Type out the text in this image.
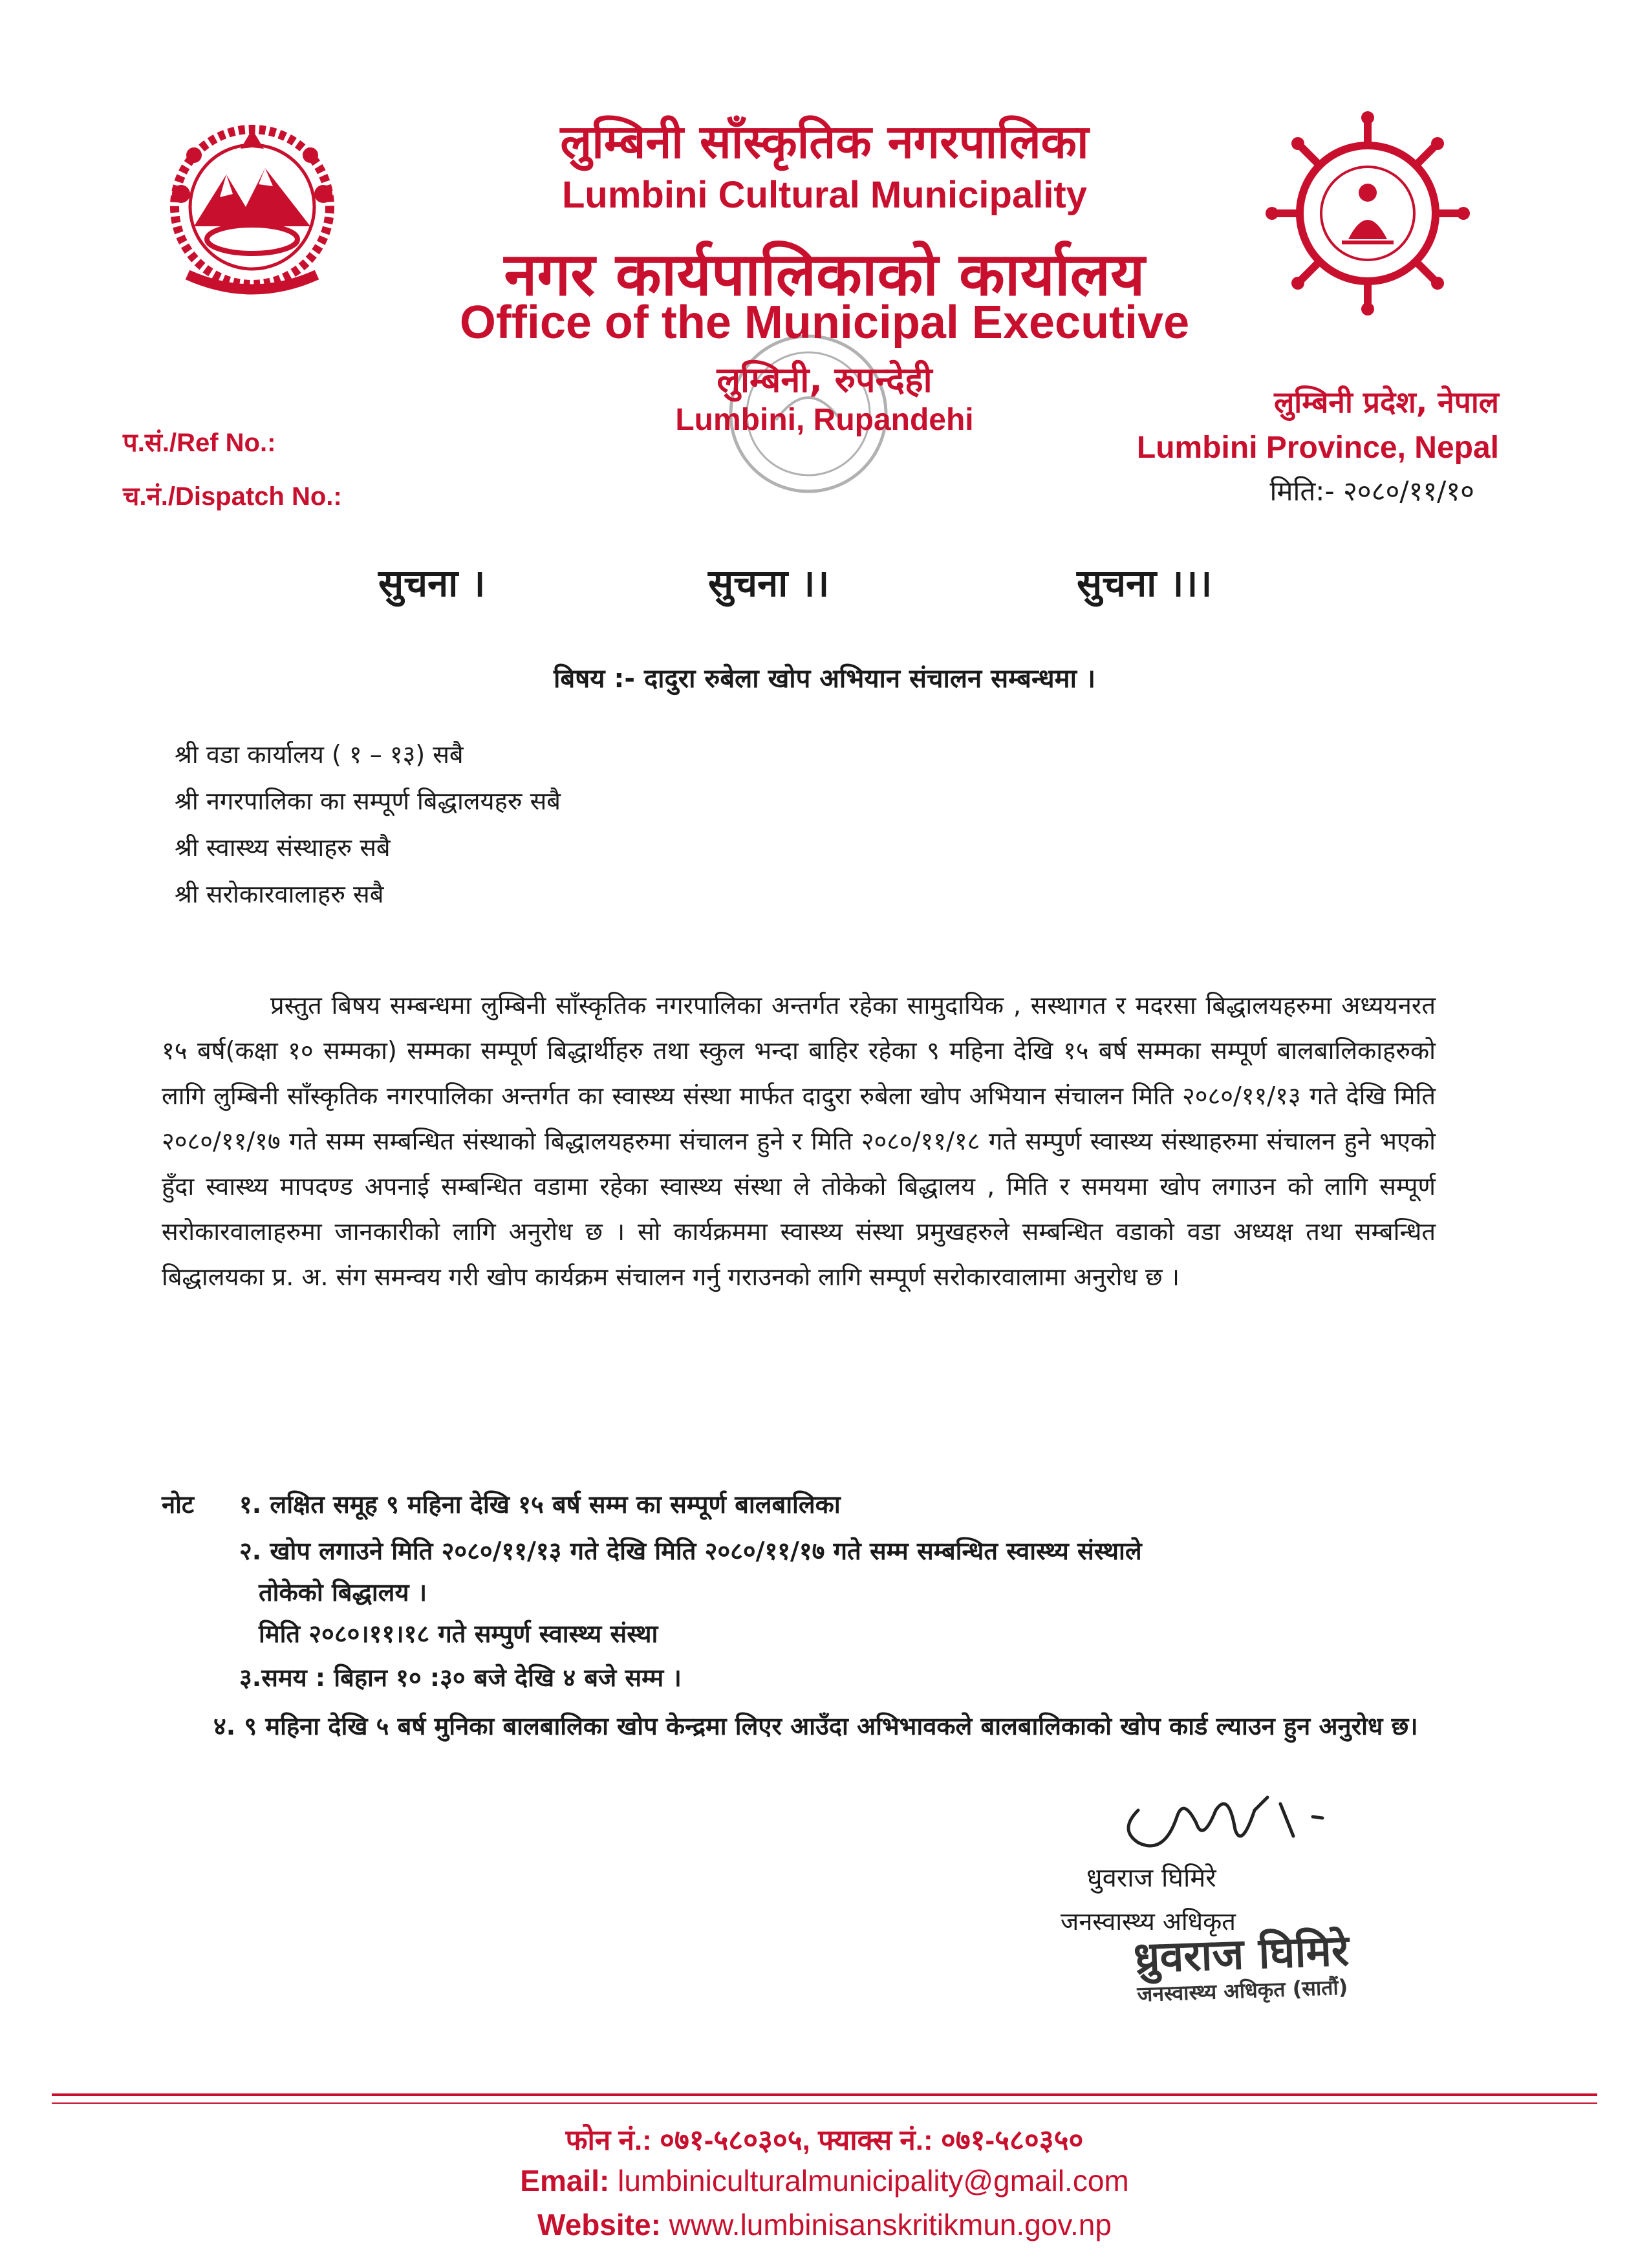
लुम्बिनी साँस्कृतिक नगरपालिका
Lumbini Cultural Municipality
नगर कार्यपालिकाको कार्यालय
Office of the Municipal Executive
लुम्बिनी, रुपन्देही
Lumbini, Rupandehi
प.सं./Ref No.:
च.नं./Dispatch No.:
लुम्बिनी प्रदेश, नेपाल
Lumbini Province, Nepal
मिति:- २०८०/११/१०
सुचना ।	सुचना ।।	सुचना ।।।
बिषय :- दादुरा रुबेला खोप अभियान संचालन सम्बन्धमा ।
श्री वडा कार्यालय ( १ – १३) सबै
श्री नगरपालिका का सम्पूर्ण बिद्धालयहरु सबै
श्री स्वास्थ्य संस्थाहरु सबै
श्री सरोकारवालाहरु सबै
प्रस्तुत बिषय सम्बन्धमा लुम्बिनी साँस्कृतिक नगरपालिका अन्तर्गत रहेका सामुदायिक , सस्थागत र मदरसा बिद्धालयहरुमा अध्ययनरत १५ बर्ष(कक्षा १० सम्मका) सम्मका सम्पूर्ण बिद्धार्थीहरु तथा स्कुल भन्दा बाहिर रहेका ९ महिना देखि १५ बर्ष सम्मका सम्पूर्ण बालबालिकाहरुको लागि लुम्बिनी साँस्कृतिक नगरपालिका अन्तर्गत का स्वास्थ्य संस्था मार्फत दादुरा रुबेला खोप अभियान संचालन मिति २०८०/११/१३ गते देखि मिति २०८०/११/१७ गते सम्म सम्बन्धित संस्थाको बिद्धालयहरुमा संचालन हुने र मिति २०८०/११/१८ गते सम्पुर्ण स्वास्थ्य संस्थाहरुमा संचालन हुने भएको हुँदा स्वास्थ्य मापदण्ड अपनाई सम्बन्धित वडामा रहेका स्वास्थ्य संस्था ले तोकेको बिद्धालय , मिति र समयमा खोप लगाउन को लागि सम्पूर्ण सरोकारवालाहरुमा जानकारीको लागि अनुरोध छ । सो कार्यक्रममा स्वास्थ्य संस्था प्रमुखहरुले सम्बन्धित वडाको वडा अध्यक्ष तथा सम्बन्धित बिद्धालयका प्र. अ. संग समन्वय गरी खोप कार्यक्रम संचालन गर्नु गराउनको लागि सम्पूर्ण सरोकारवालामा अनुरोध छ ।
नोट १. लक्षित समूह ९ महिना देखि १५ बर्ष सम्म का सम्पूर्ण बालबालिका
२. खोप लगाउने मिति २०८०/११/१३ गते देखि मिति २०८०/११/१७ गते सम्म सम्बन्धित स्वास्थ्य संस्थाले
तोकेको बिद्धालय ।
मिति २०८०।११।१८ गते सम्पुर्ण स्वास्थ्य संस्था
३.समय : बिहान १० :३० बजे देखि ४ बजे सम्म ।
४. ९ महिना देखि ५ बर्ष मुनिका बालबालिका खोप केन्द्रमा लिएर आउँदा अभिभावकले बालबालिकाको खोप कार्ड ल्याउन हुन अनुरोध छ।
धुवराज घिमिरे
जनस्वास्थ्य अधिकृत
ध्रुवराज घिमिरे
जनस्वास्थ्य अधिकृत (सातौं)
फोन नं.: ०७१-५८०३०५, फ्याक्स नं.: ०७१-५८०३५०
Email: lumbiniculturalmunicipality@gmail.com
Website: www.lumbinisanskritikmun.gov.np
